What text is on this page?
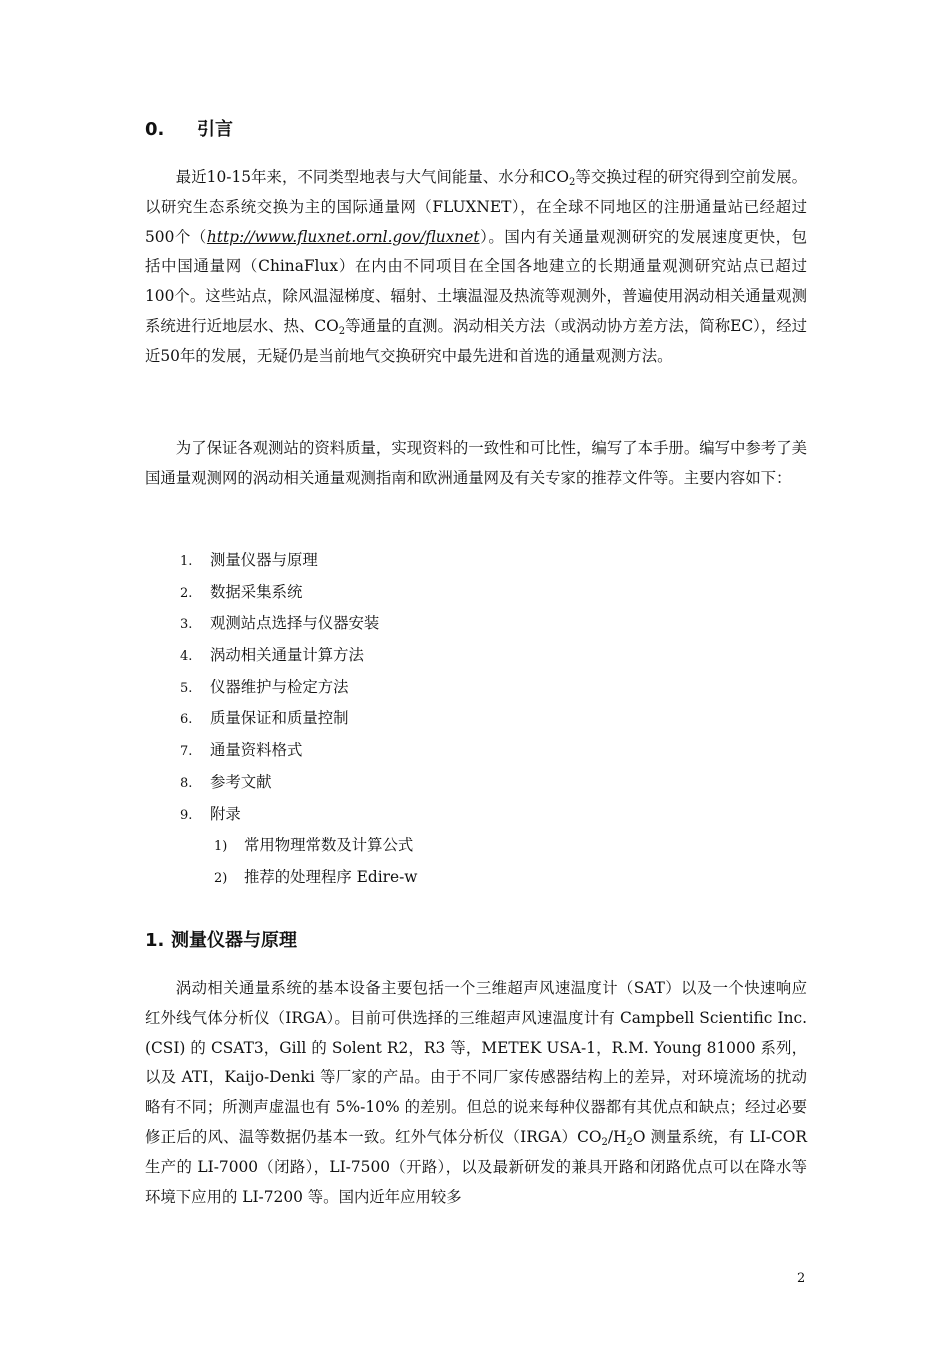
0. 引言

最近10-15年来，不同类型地表与大气间能量、水分和$CO_2$等交换过程的研究得到空前发展。以研究生态系统交换为主的国际通量网（FLUXNET），在全球不同地区的注册通量站已经超过500个（http://www.fluxnet.ornl.gov/fluxnet）。国内有关通量观测研究的发展速度更快，包括中国通量网（ChinaFlux）在内由不同项目在全国各地建立的长期通量观测研究站点已超过100个。这些站点，除风温湿梯度、辐射、土壤温湿及热流等观测外，普遍使用涡动相关通量观测系统进行近地层水、热、$CO_2$等通量的直测。涡动相关方法（或涡动协方差方法，简称EC），经过近50年的发展，无疑仍是当前地气交换研究中最先进和首选的通量观测方法。

为了保证各观测站的资料质量，实现资料的一致性和可比性，编写了本手册。编写中参考了美国通量观测网的涡动相关通量观测指南和欧洲通量网及有关专家的推荐文件等。主要内容如下：

1. 测量仪器与原理
2. 数据采集系统
3. 观测站点选择与仪器安装
4. 涡动相关通量计算方法
5. 仪器维护与检定方法
6. 质量保证和质量控制
7. 通量资料格式
8. 参考文献
9. 附录
1) 常用物理常数及计算公式
2) 推荐的处理程序 Edire-w
1. 测量仪器与原理

涡动相关通量系统的基本设备主要包括一个三维超声风速温度计（SAT）以及一个快速响应红外线气体分析仪（IRGA）。目前可供选择的三维超声风速温度计有 Campbell Scientific Inc. (CSI) 的 CSAT3，Gill 的 Solent R2，R3 等，METEK USA-1，R.M. Young 81000 系列，以及 ATI，Kaijo-Denki 等厂家的产品。由于不同厂家传感器结构上的差异，对环境流场的扰动略有不同；所测声虚温也有 5%-10% 的差别。但总的说来每种仪器都有其优点和缺点；经过必要修正后的风、温等数据仍基本一致。红外气体分析仪$(IRGA)CO_2/H_2O$ 测量系统，有 LI-COR 生产的 LI-7000（闭路），LI-7500（开路），以及最新研发的兼具开路和闭路优点可以在降水等环境下应用的 LI-7200 等。国内近年应用较多

2
